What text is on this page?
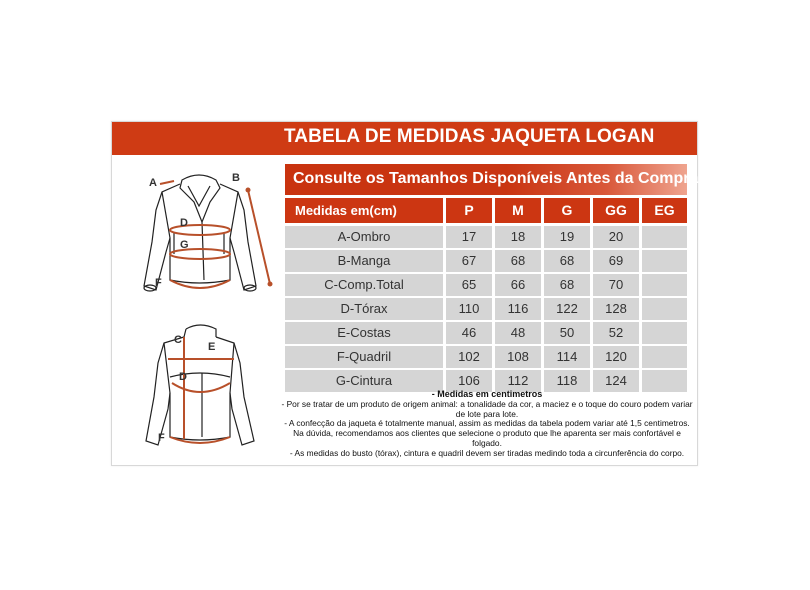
TABELA DE MEDIDAS JAQUETA LOGAN
A	B
D
G
F
C
E
D
F
Consulte os Tamanhos Disponíveis Antes da Compra
Medidas em(cm)	P	M	G	GG	EG
A-Ombro	17	18	19	20
B-Manga	67	68	68	69
C-Comp.Total	65	66	68	70
D-Tórax	110	116	122	128
E-Costas	46	48	50	52
F-Quadril	102	108	114	120
G-Cintura	106	112	118	124
- Medidas em centimetros
- Por se tratar de um produto de origem animal: a tonalidade da cor, a maciez e o toque do couro podem variar de lote para lote.
- A confecção da jaqueta é totalmente manual, assim as medidas da tabela podem variar até 1,5 centimetros. Na dúvida, recomendamos aos clientes que selecione o produto que lhe aparenta ser mais confortável e folgado.
- As medidas do busto (tórax), cintura e quadril devem ser tiradas medindo toda a circunferência do corpo.
